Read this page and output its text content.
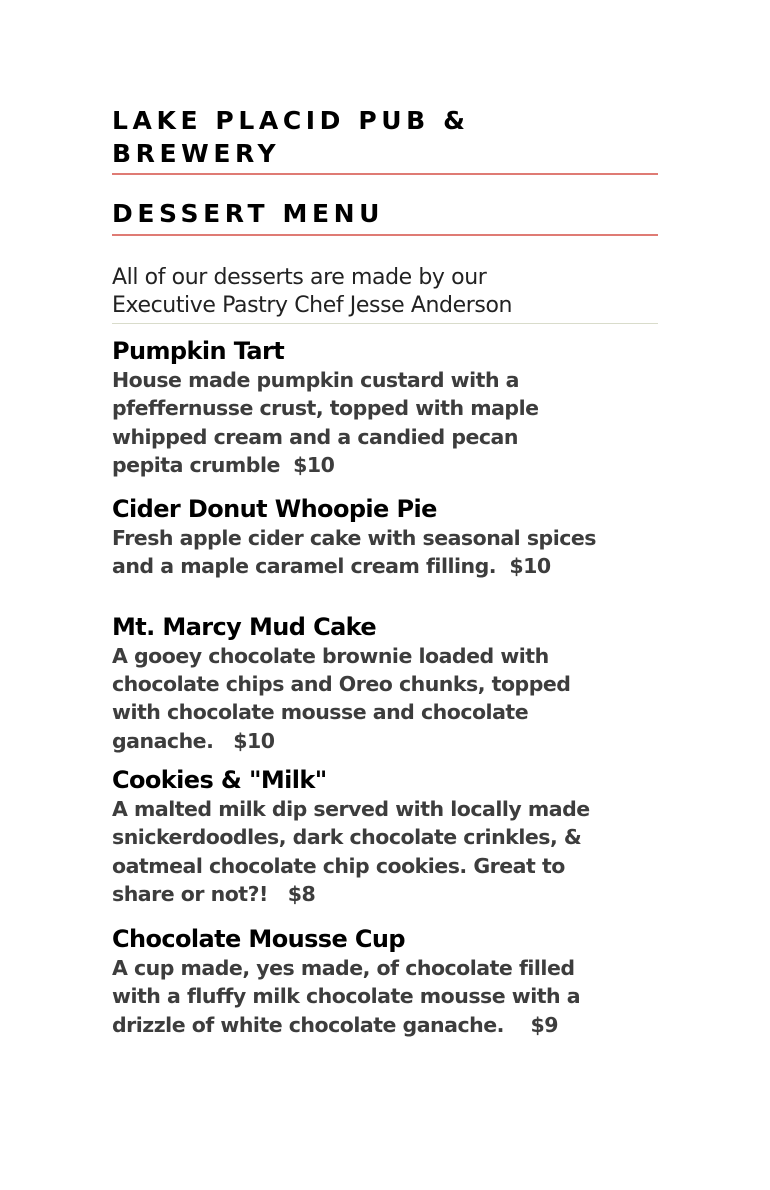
LAKE PLACID PUB &

BREWERY

DESSERT MENU

All of our desserts are made by our

Executive Pastry Chef Jesse Anderson

Pumpkin Tart

House made pumpkin custard with a

pfeffernusse crust, topped with maple

whipped cream and a candied pecan

pepita crumble  $10

Cider Donut Whoopie Pie

Fresh apple cider cake with seasonal spices

and a maple caramel cream filling.  $10

Mt. Marcy Mud Cake

A gooey chocolate brownie loaded with

chocolate chips and Oreo chunks, topped

with chocolate mousse and chocolate

ganache.   $10

Cookies & "Milk"

A malted milk dip served with locally made

snickerdoodles, dark chocolate crinkles, &

oatmeal chocolate chip cookies. Great to

share or not?!   $8

Chocolate Mousse Cup

A cup made, yes made, of chocolate filled

with a fluffy milk chocolate mousse with a

drizzle of white chocolate ganache.    $9
